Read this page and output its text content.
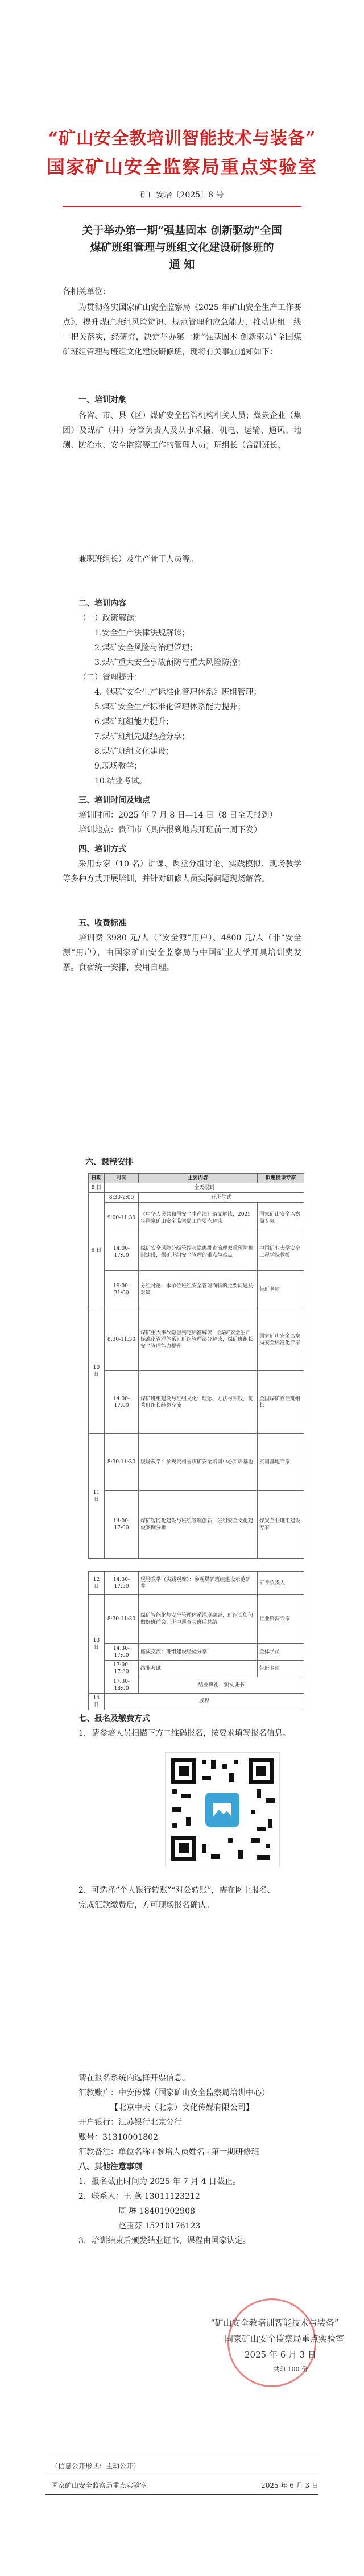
“矿山安全教培训智能技术与装备”
国家矿山安全监察局重点实验室
矿山安培〔2025〕8 号
关于举办第一期“强基固本 创新驱动”全国
煤矿班组管理与班组文化建设研修班的
通 知
各相关单位：
为贯彻落实国家矿山安全监察局《2025 年矿山安全生产工作要点》，提升煤矿班组风险辨识、规范管理和应急能力，推动班组一线一把关落实，经研究，决定举办第一期“强基固本 创新驱动”全国煤矿班组管理与班组文化建设研修班，现将有关事宜通知如下：
一、培训对象
各省、市、县（区）煤矿安全监管机构相关人员；煤炭企业（集团）及煤矿（井）分管负责人及从事采掘、机电、运输、通风、地测、防治水、安全监察等工作的管理人员；班组长（含副班长、
兼职班组长）及生产骨干人员等。
二、培训内容
（一）政策解读：
1.安全生产法律法规解读；
2.煤矿安全风险与治理管理；
3.煤矿重大安全事故预防与重大风险防控；
（二）管理提升：
4.《煤矿安全生产标准化管理体系》班组管理；
5.煤矿安全生产标准化管理体系能力提升；
6.煤矿班组能力提升；
7.煤矿班组先进经验分享；
8.煤矿班组文化建设；
9.现场教学；
10.结业考试。
三、培训时间及地点
培训时间：2025 年 7 月 8 日—14 日（8 日全天报到）
培训地点：贵阳市（具体报到地点开班前一周下发）
四、培训方式
采用专家（10 名）讲课、课堂分组讨论、实践模拟、现场教学等多种方式开展培训，并针对研修人员实际问题现场解答。
五、收费标准
培训费 3980 元/人（“安全源”用户）、4800 元/人（非“安全源”用户），由国家矿山安全监察局与中国矿业大学开具培训费发票。食宿统一安排，费用自理。
六、课程安排
日期	时间	主要内容	拟邀授课专家
8 日	全天报到		
9 日	8:30-9:00	开班仪式	
	9:00-11:30	《中华人民共和国安全生产法》条文解读，2025 年国家矿山安全监察局工作要点解读	国家矿山安全监察局专家
	14:00-17:00	煤矿安全风险分级管控与隐患排查治理双重预防机制建设，煤矿班组安全管理的重点与难点	中国矿业大学安全工程学院教授
	19:00-21:00	分组讨论：本单位班组安全管理面临的主要问题及对策	带班老师
10 日	8:30-11:30	煤矿重大事故隐患判定标准解读，《煤矿安全生产标准化管理体系》班组管理部分解读，煤矿班组长安全管理能力提升	国家矿山安全监察局安全标准化专家
	14:00-17:00	煤矿班组建设与班组文化：理念、方法与实践，优秀班组长经验交流	全国煤矿百佳班组长
11 日	8:30-11:30	现场教学：参观贵州省煤矿安全培训中心实训基地	实训基地专家
	14:00-17:00	煤矿智能化建设与班组管理创新，班组安全文化建设案例分析	煤炭企业班组建设专家
12 日	14:30-17:30	现场教学（实践观摩）：参观煤矿班组建设示范矿井	矿井负责人
13 日	8:30-11:30	煤矿智能化与安全管理体系深度融合，班组长如何做好班前会、班中巡查与班后总结	行业资深专家
	14:30-17:00	座谈交流：班组建设经验分享	全体学员
	17:00-17:30	结业考试	带班老师
	17:30-18:00	结业典礼、颁发证书	
14 日	返程		
七、报名及缴费方式
1．请参培人员扫描下方二维码报名，按要求填写报名信息。
2．可选择“个人银行转账”“对公转账”，需在网上报名、
完成汇款缴费后，方可现场报名确认。
请在报名系统内选择开票信息。
汇款账户：中安传媒（国家矿山安全监察局培训中心）
【北京中天（北京）文化传媒有限公司】
开户银行：江苏银行北京分行
账号：31310001802
汇款备注：单位名称+参培人员姓名+第一期研修班
八、其他注意事项
1．报名截止时间为 2025 年 7 月 4 日截止。
2．联系人：王 燕 13011123212
周 琳 18401902908
赵玉芬 15210176123
3．培训结束后颁发结业证书，课程由国家认定。
“矿山安全教培训智能技术与装备”
国家矿山安全监察局重点实验室
2025 年 6 月 3 日
共印 100 份
（信息公开形式：主动公开）
国家矿山安全监察局重点实验室	2025 年 6 月 3 日
